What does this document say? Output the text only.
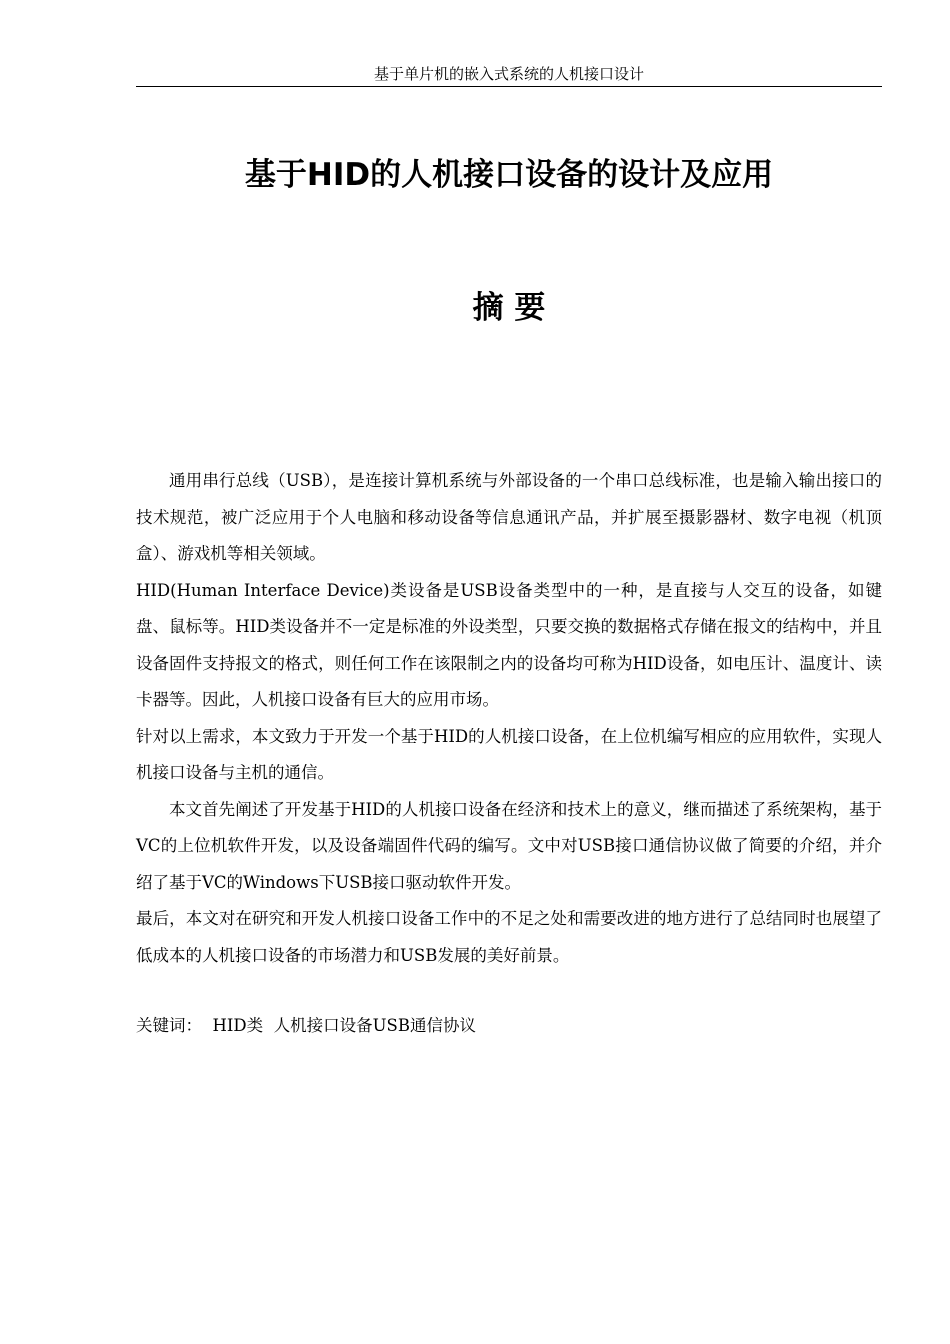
基于单片机的嵌入式系统的人机接口设计
基于HID的人机接口设备的设计及应用
摘 要

通用串行总线（USB），是连接计算机系统与外部设备的一个串口总线标准，也是输入输出接口的技术规范，被广泛应用于个人电脑和移动设备等信息通讯产品，并扩展至摄影器材、数字电视（机顶盒）、游戏机等相关领域。

HID(Human Interface Device)类设备是USB设备类型中的一种，是直接与人交互的设备，如键盘、鼠标等。HID类设备并不一定是标准的外设类型，只要交换的数据格式存储在报文的结构中，并且设备固件支持报文的格式，则任何工作在该限制之内的设备均可称为HID设备，如电压计、温度计、读卡器等。因此，人机接口设备有巨大的应用市场。

针对以上需求，本文致力于开发一个基于HID的人机接口设备，在上位机编写相应的应用软件，实现人机接口设备与主机的通信。

本文首先阐述了开发基于HID的人机接口设备在经济和技术上的意义，继而描述了系统架构，基于VC的上位机软件开发，以及设备端固件代码的编写。文中对USB接口通信协议做了简要的介绍，并介绍了基于VC的Windows下USB接口驱动软件开发。

最后，本文对在研究和开发人机接口设备工作中的不足之处和需要改进的地方进行了总结同时也展望了低成本的人机接口设备的市场潜力和USB发展的美好前景。

关键词： HID类  人机接口设备USB通信协议
